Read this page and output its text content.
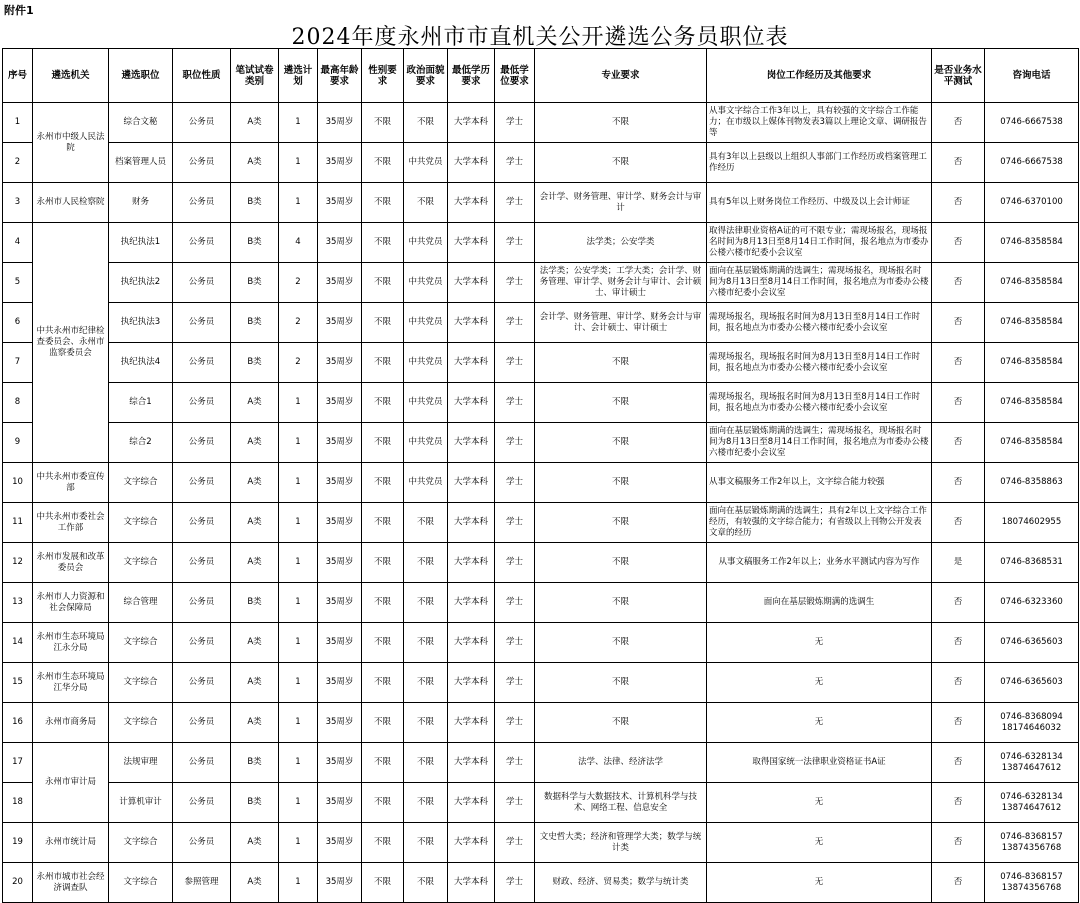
附件1
2024年度永州市市直机关公开遴选公务员职位表
序号	遴选机关	遴选职位	职位性质	笔试试卷类别	遴选计划	最高年龄要求	性别要求	政治面貌要求	最低学历要求	最低学位要求	专业要求	岗位工作经历及其他要求	是否业务水平测试	咨询电话
1	永州市中级人民法院	综合文秘	公务员	A类	1	35周岁	不限	不限	大学本科	学士	不限	从事文字综合工作3年以上，具有较强的文字综合工作能力；在市级以上媒体刊物发表3篇以上理论文章、调研报告等	否	0746-6667538
2		档案管理人员	公务员	A类	1	35周岁	不限	中共党员	大学本科	学士	不限	具有3年以上县级以上组织人事部门工作经历或档案管理工作经历	否	0746-6667538
3	永州市人民检察院	财务	公务员	B类	1	35周岁	不限	不限	大学本科	学士	会计学、财务管理、审计学、财务会计与审计	具有5年以上财务岗位工作经历、中级及以上会计师证	否	0746-6370100
4	中共永州市纪律检查委员会、永州市监察委员会	执纪执法1	公务员	B类	4	35周岁	不限	中共党员	大学本科	学士	法学类；公安学类	取得法律职业资格A证的可不限专业；需现场报名，现场报名时间为8月13日至8月14日工作时间，报名地点为市委办公楼六楼市纪委小会议室	否	0746-8358584
5		执纪执法2	公务员	B类	2	35周岁	不限	中共党员	大学本科	学士	法学类；公安学类；工学大类；会计学、财务管理、审计学、财务会计与审计、会计硕士、审计硕士	面向在基层锻炼期满的选调生；需现场报名，现场报名时间为8月13日至8月14日工作时间，报名地点为市委办公楼六楼市纪委小会议室	否	0746-8358584
6		执纪执法3	公务员	B类	2	35周岁	不限	中共党员	大学本科	学士	会计学、财务管理、审计学、财务会计与审计、会计硕士、审计硕士	需现场报名，现场报名时间为8月13日至8月14日工作时间，报名地点为市委办公楼六楼市纪委小会议室	否	0746-8358584
7		执纪执法4	公务员	B类	2	35周岁	不限	中共党员	大学本科	学士	不限	需现场报名，现场报名时间为8月13日至8月14日工作时间，报名地点为市委办公楼六楼市纪委小会议室	否	0746-8358584
8		综合1	公务员	A类	1	35周岁	不限	中共党员	大学本科	学士	不限	需现场报名，现场报名时间为8月13日至8月14日工作时间，报名地点为市委办公楼六楼市纪委小会议室	否	0746-8358584
9		综合2	公务员	A类	1	35周岁	不限	中共党员	大学本科	学士	不限	面向在基层锻炼期满的选调生；需现场报名，现场报名时间为8月13日至8月14日工作时间，报名地点为市委办公楼六楼市纪委小会议室	否	0746-8358584
10	中共永州市委宣传部	文字综合	公务员	A类	1	35周岁	不限	中共党员	大学本科	学士	不限	从事文稿服务工作2年以上，文字综合能力较强	否	0746-8358863
11	中共永州市委社会工作部	文字综合	公务员	A类	1	35周岁	不限	不限	大学本科	学士	不限	面向在基层锻炼期满的选调生；具有2年以上文字综合工作经历，有较强的文字综合能力；有省级以上刊物公开发表文章的经历	否	18074602955
12	永州市发展和改革委员会	文字综合	公务员	A类	1	35周岁	不限	不限	大学本科	学士	不限	从事文稿服务工作2年以上；业务水平测试内容为写作	是	0746-8368531
13	永州市人力资源和社会保障局	综合管理	公务员	B类	1	35周岁	不限	不限	大学本科	学士	不限	面向在基层锻炼期满的选调生	否	0746-6323360
14	永州市生态环境局江永分局	文字综合	公务员	A类	1	35周岁	不限	不限	大学本科	学士	不限	无	否	0746-6365603
15	永州市生态环境局江华分局	文字综合	公务员	A类	1	35周岁	不限	不限	大学本科	学士	不限	无	否	0746-6365603
16	永州市商务局	文字综合	公务员	A类	1	35周岁	不限	不限	大学本科	学士	不限	无	否	0746-8368094 18174646032
17	永州市审计局	法规审理	公务员	B类	1	35周岁	不限	不限	大学本科	学士	法学、法律、经济法学	取得国家统一法律职业资格证书A证	否	0746-6328134 13874647612
18		计算机审计	公务员	B类	1	35周岁	不限	不限	大学本科	学士	数据科学与大数据技术、计算机科学与技术、网络工程、信息安全	无	否	0746-6328134 13874647612
19	永州市统计局	文字综合	公务员	A类	1	35周岁	不限	不限	大学本科	学士	文史哲大类；经济和管理学大类；数学与统计类	无	否	0746-8368157 13874356768
20	永州市城市社会经济调查队	文字综合	参照管理	A类	1	35周岁	不限	不限	大学本科	学士	财政、经济、贸易类；数学与统计类	无	否	0746-8368157 13874356768
